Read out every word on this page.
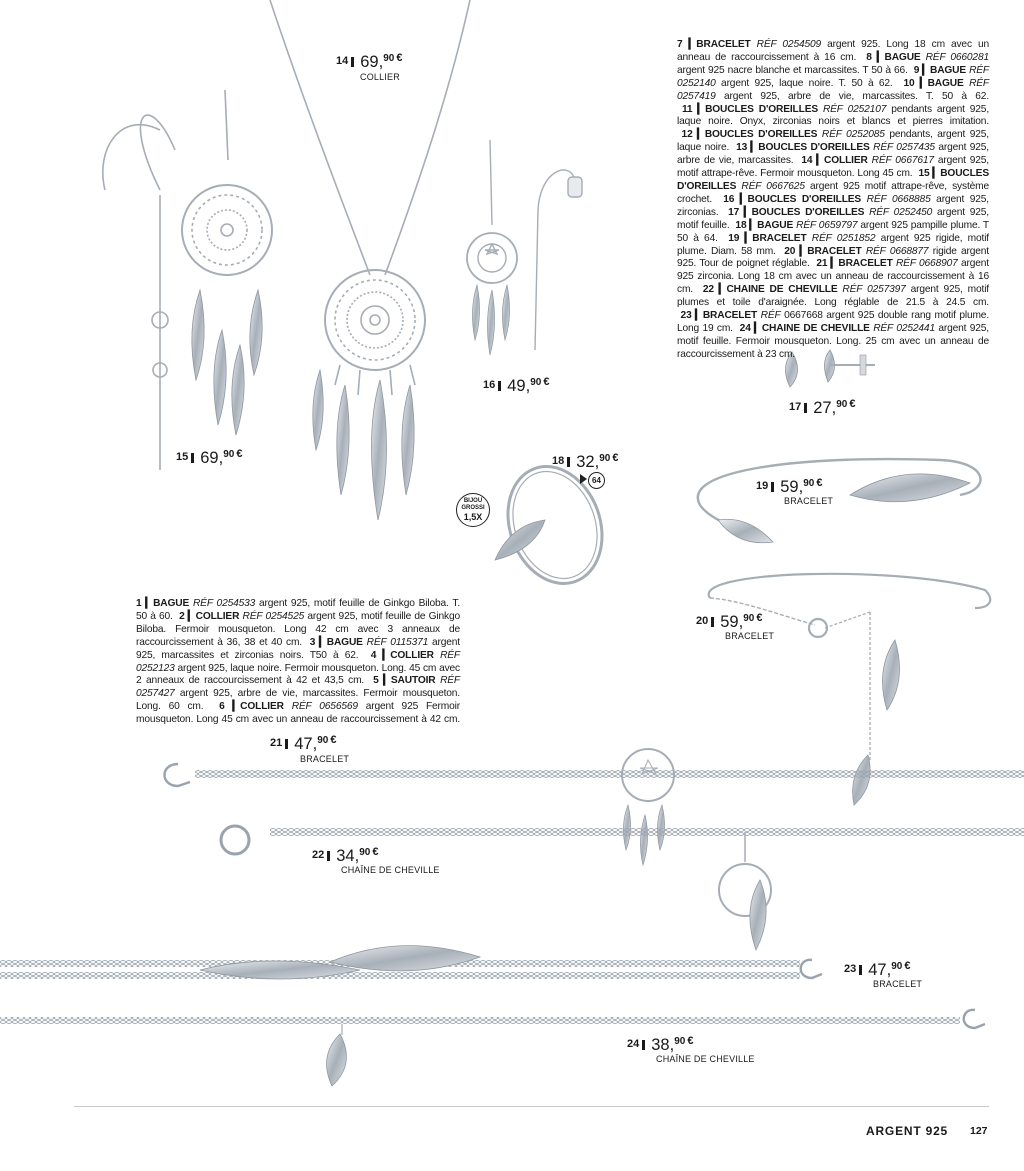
7 ▎BRACELET RÉF 0254509 argent 925. Long 18 cm avec un anneau de raccourcissement à 16 cm. 8 ▎BAGUE RÉF 0660281 argent 925 nacre blanche et marcassites. T 50 à 66. 9 ▎BAGUE RÉF 0252140 argent 925, laque noire. T. 50 à 62. 10 ▎BAGUE RÉF 0257419 argent 925, arbre de vie, marcassites. T. 50 à 62.  11 ▎BOUCLES D'OREILLES RÉF 0252107 pendants argent 925, laque noire. Onyx, zirconias noirs et blancs et pierres imitation.  12 ▎BOUCLES D'OREILLES RÉF 0252085 pendants, argent 925, laque noire. 13 ▎BOUCLES D'OREILLES RÉF 0257435 argent 925, arbre de vie, marcassites. 14 ▎COLLIER RÉF 0667617 argent 925, motif attrape-rêve. Fermoir mousqueton. Long 45 cm. 15 ▎BOUCLES D'OREILLES RÉF 0667625 argent 925 motif attrape-rêve, système crochet. 16 ▎BOUCLES D'OREILLES RÉF 0668885 argent 925, zirconias. 17 ▎BOUCLES D'OREILLES RÉF 0252450 argent 925, motif feuille. 18 ▎BAGUE RÉF 0659797 argent 925 pampille plume. T 50 à 64. 19 ▎BRACELET RÉF 0251852 argent 925 rigide, motif plume. Diam. 58 mm. 20 ▎BRACELET RÉF 0668877 rigide argent 925. Tour de poignet réglable. 21 ▎BRACELET RÉF 0668907 argent 925 zirconia. Long 18 cm avec un anneau de raccourcissement à 16 cm. 22 ▎CHAINE DE CHEVILLE RÉF 0257397 argent 925, motif plumes et toile d'araignée. Long réglable de 21.5 à 24.5 cm.  23 ▎BRACELET RÉF 0667668 argent 925 double rang motif plume. Long 19 cm. 24 ▎CHAINE DE CHEVILLE RÉF 0252441 argent 925, motif feuille. Fermoir mousqueton. Long. 25 cm avec un anneau de raccourcissement à 23 cm.
1 ▎BAGUE RÉF 0254533 argent 925, motif feuille de Ginkgo Biloba. T. 50 à 60. 2 ▎COLLIER RÉF 0254525 argent 925, motif feuille de Ginkgo Biloba. Fermoir mousqueton. Long 42 cm avec 3 anneaux de raccourcissement à 36, 38 et 40 cm. 3 ▎BAGUE RÉF 0115371 argent 925, marcassites et zirconias noirs. T50 à 62. 4 ▎COLLIER RÉF 0252123 argent 925, laque noire. Fermoir mousqueton. Long. 45 cm avec 2 anneaux de raccourcissement à 42 et 43,5 cm. 5 ▎SAUTOIR RÉF 0257427 argent 925, arbre de vie, marcassites. Fermoir mousqueton. Long. 60 cm. 6 ▎COLLIER RÉF 0656569 argent 925 Fermoir mousqueton. Long 45 cm avec un anneau de raccourcissement à 42 cm.
14 69,90 €
COLLIER
15 69,90 €
16 49,90 €
17 27,90 €
18 32,90 €
64
BIJOU
GROSSI
1,5X
19 59,90 €
BRACELET
20 59,90 €
BRACELET
21 47,90 €
BRACELET
22 34,90 €
CHAÎNE DE CHEVILLE
23 47,90 €
BRACELET
24 38,90 €
CHAÎNE DE CHEVILLE
ARGENT 925 127
